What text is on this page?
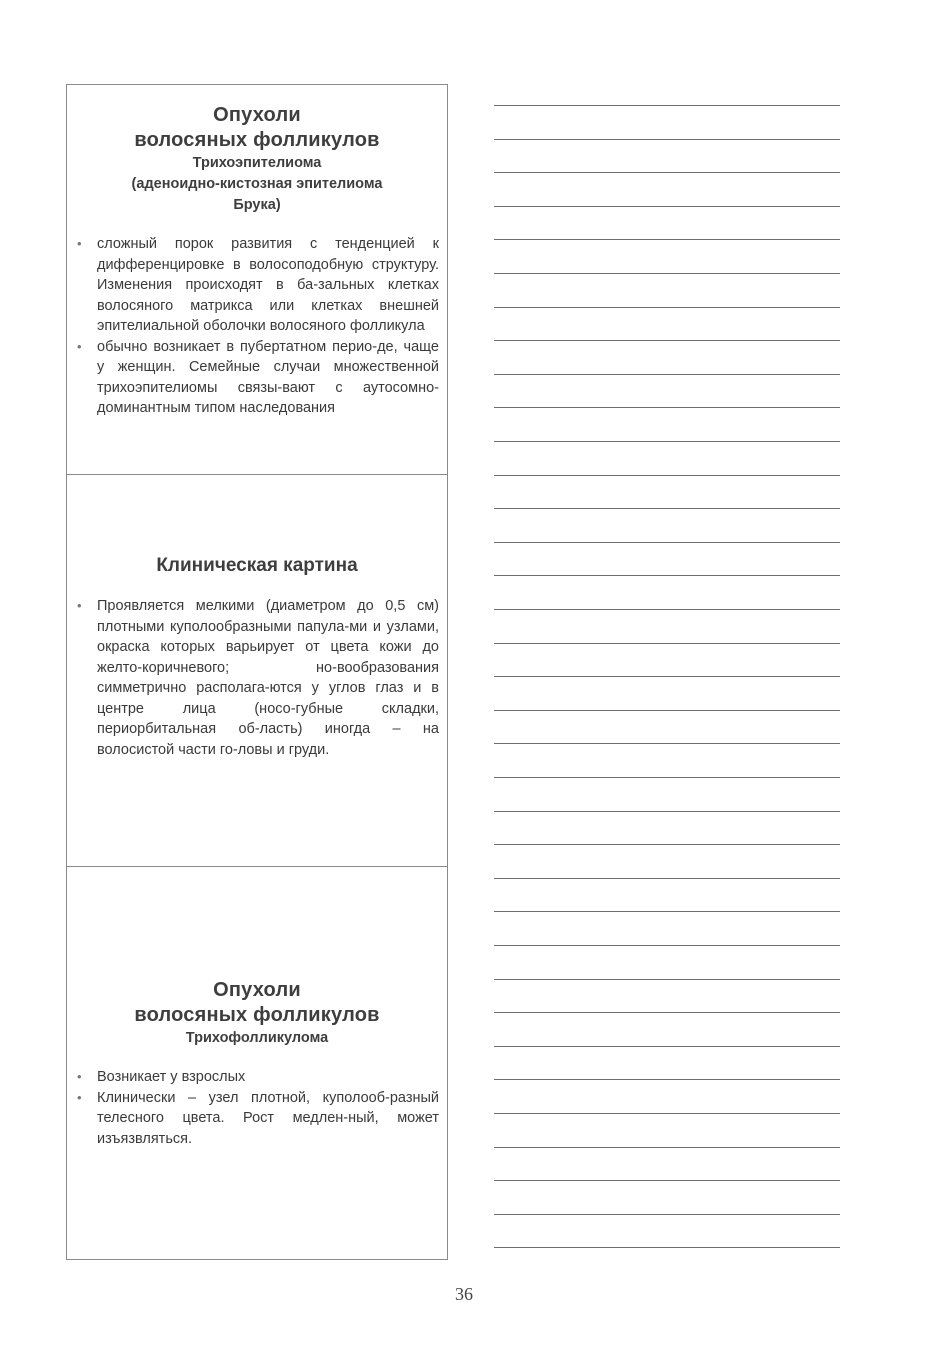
Опухоли

волосяных фолликулов

Трихоэпителиома

(аденоидно-кистозная эпителиома

Брука)

• сложный порок развития с тенденцией к дифференцировке в волосоподобную структуру. Изменения происходят в ба-зальных клетках волосяного матрикса или клетках внешней эпителиальной оболочки волосяного фолликула
• обычно возникает в пубертатном перио-де, чаще у женщин. Семейные случаи множественной трихоэпителиомы связы-вают с аутосомно-доминантным типом наследования

Клиническая картина

• Проявляется мелкими (диаметром до 0,5 см) плотными куполообразными папула-ми и узлами, окраска которых варьирует от цвета кожи до желто-коричневого; но-вообразования симметрично располага-ются у углов глаз и в центре лица (носо-губные складки, периорбитальная об-ласть) иногда – на волосистой части го-ловы и груди.

Опухоли

волосяных фолликулов

Трихофолликулома

• Возникает у взрослых
• Клинически – узел плотной, куполооб-разный телесного цвета. Рост медлен-ный, может изъязвляться.
36
